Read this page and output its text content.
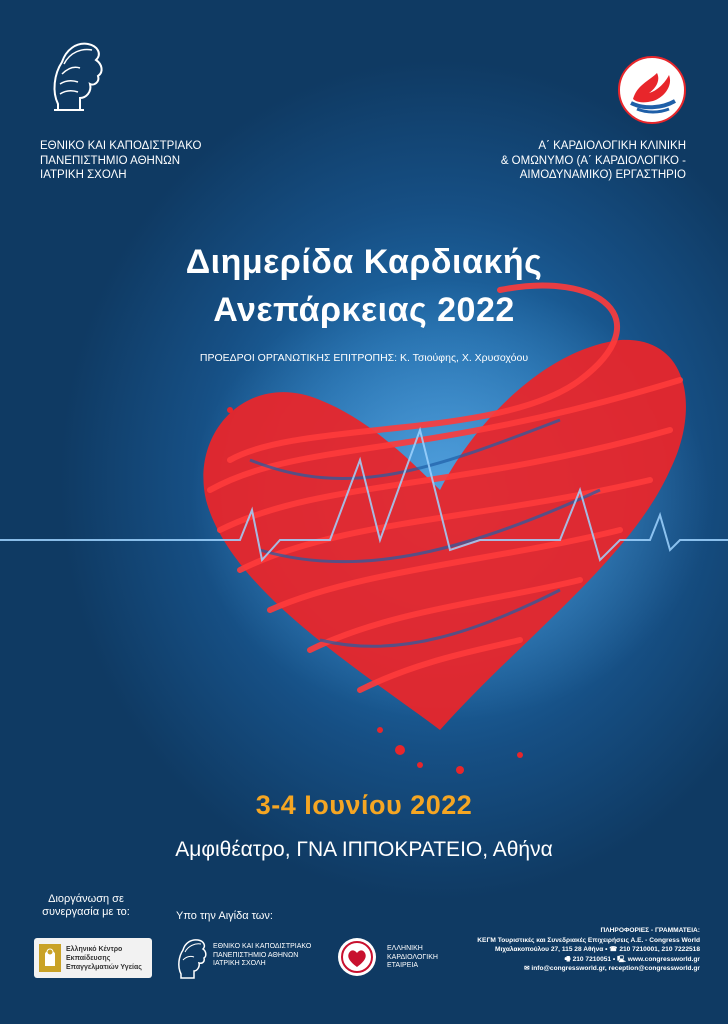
ΕΘΝΙΚΟ ΚΑΙ ΚΑΠΟΔΙΣΤΡΙΑΚΟ
ΠΑΝΕΠΙΣΤΗΜΙΟ ΑΘΗΝΩΝ
ΙΑΤΡΙΚΗ ΣΧΟΛΗ
Α΄ ΚΑΡΔΙΟΛΟΓΙΚΗ ΚΛΙΝΙΚΗ
& ΟΜΩΝΥΜΟ (Α΄ ΚΑΡΔΙΟΛΟΓΙΚΟ -
ΑΙΜΟΔΥΝΑΜΙΚΟ) ΕΡΓΑΣΤΗΡΙΟ
Διημερίδα Καρδιακής
Ανεπάρκειας 2022
ΠΡΟΕΔΡΟΙ ΟΡΓΑΝΩΤΙΚΗΣ ΕΠΙΤΡΟΠΗΣ: Κ. Τσιούφης, Χ. Χρυσοχόου
3-4 Ιουνίου 2022
Αμφιθέατρο, ΓΝΑ ΙΠΠΟΚΡΑΤΕΙΟ, Αθήνα
Διοργάνωση σε
συνεργασία με το:
Ελληνικό Κέντρο
Εκπαίδευσης
Επαγγελματιών Υγείας
Υπο την Αιγίδα των:
ΕΘΝΙΚΟ ΚΑΙ ΚΑΠΟΔΙΣΤΡΙΑΚΟ
ΠΑΝΕΠΙΣΤΗΜΙΟ ΑΘΗΝΩΝ
ΙΑΤΡΙΚΗ ΣΧΟΛΗ
ΕΛΛΗΝΙΚΗ
ΚΑΡΔΙΟΛΟΓΙΚΗ
ΕΤΑΙΡΕΙΑ
ΠΛΗΡΟΦΟΡΙΕΣ - ΓΡΑΜΜΑΤΕΙΑ:
ΚΕΓΜ Τουριστικές και Συνεδριακές Επιχειρήσεις Α.Ε. - Congress World
Μιχαλακοπούλου 27, 115 28 Αθήνα • ☎ 210 7210001, 210 7222518
🖷 210 7210051 • 🖳 www.congressworld.gr
✉ info@congressworld.gr, reception@congressworld.gr
